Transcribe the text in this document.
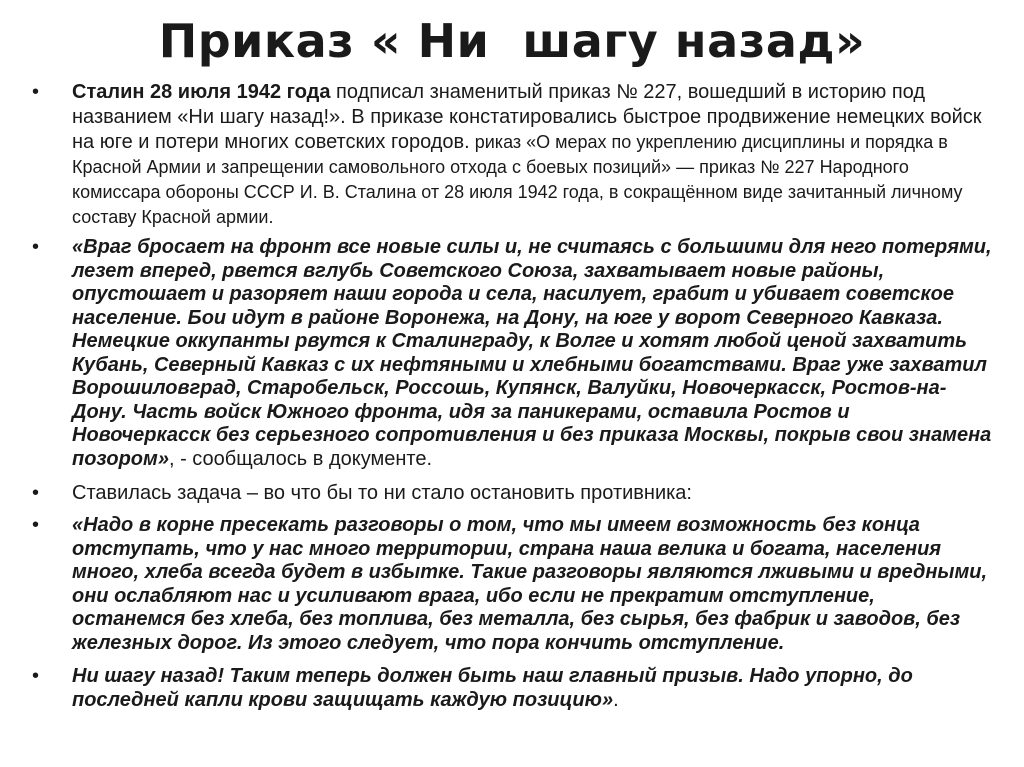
Приказ « Ни  шагу назад»
• Сталин 28 июля 1942 года подписал знаменитый приказ № 227, вошедший в историю под названием «Ни шагу назад!». В приказе констатировались быстрое продвижение немецких войск на юге и потери многих советских городов. риказ «О мерах по укреплению дисциплины и порядка в Красной Армии и запрещении самовольного отхода с боевых позиций» — приказ № 227 Народного комиссара обороны СССР И. В. Сталина от 28 июля 1942 года, в сокращённом виде зачитанный личному составу Красной армии.
• «Враг бросает на фронт все новые силы и, не считаясь с большими для него потерями, лезет вперед, рвется вглубь Советского Союза, захватывает новые районы, опустошает и разоряет наши города и села, насилует, грабит и убивает советское население. Бои идут в районе Воронежа, на Дону, на юге у ворот Северного Кавказа. Немецкие оккупанты рвутся к Сталинграду, к Волге и хотят любой ценой захватить Кубань, Северный Кавказ с их нефтяными и хлебными богатствами. Враг уже захватил Ворошиловград, Старобельск, Россошь, Купянск, Валуйки, Новочеркасск, Ростов-на-Дону. Часть войск Южного фронта, идя за паникерами, оставила Ростов и Новочеркасск без серьезного сопротивления и без приказа Москвы, покрыв свои знамена позором», - сообщалось в документе.
• Ставилась задача – во что бы то ни стало остановить противника:
• «Надо в корне пресекать разговоры о том, что мы имеем возможность без конца отступать, что у нас много территории, страна наша велика и богата, населения много, хлеба всегда будет в избытке. Такие разговоры являются лживыми и вредными, они ослабляют нас и усиливают врага, ибо если не прекратим отступление, останемся без хлеба, без топлива, без металла, без сырья, без фабрик и заводов, без железных дорог. Из этого следует, что пора кончить отступление.
• Ни шагу назад! Таким теперь должен быть наш главный призыв. Надо упорно, до последней капли крови защищать каждую позицию».
